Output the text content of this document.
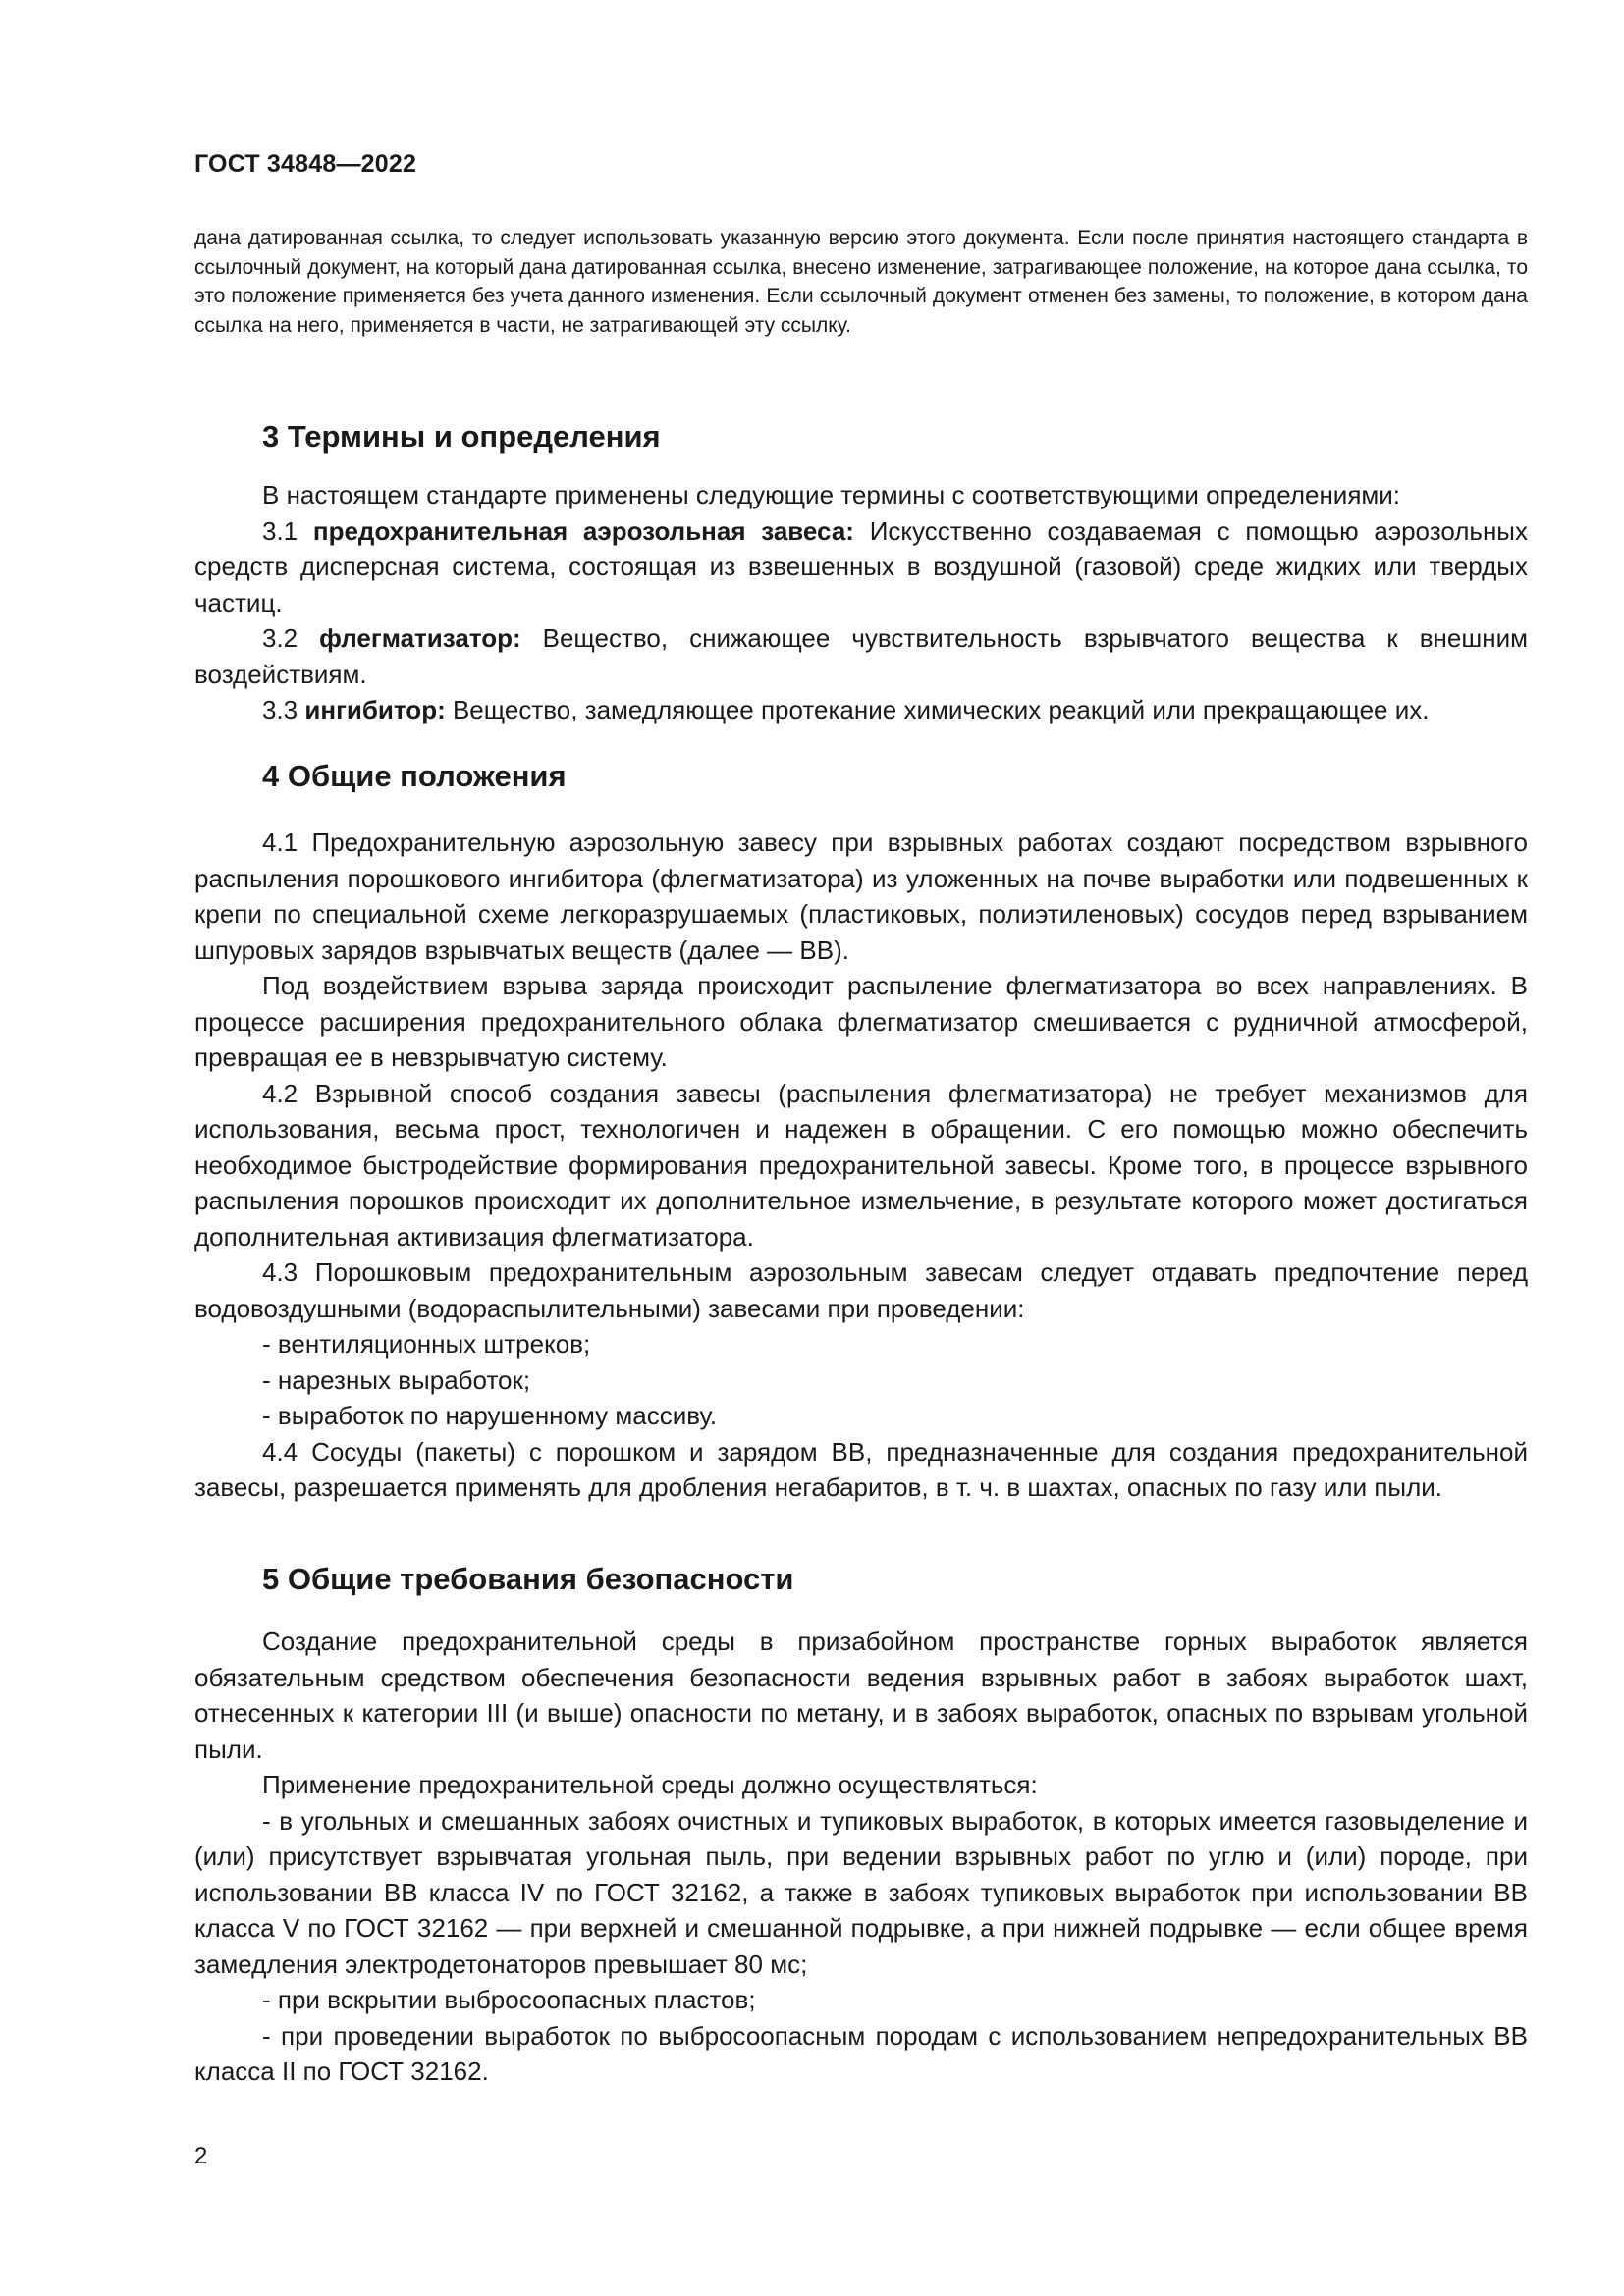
ГОСТ 34848—2022

дана датированная ссылка, то следует использовать указанную версию этого документа. Если после принятия настоящего стандарта в ссылочный документ, на который дана датированная ссылка, внесено изменение, затрагивающее положение, на которое дана ссылка, то это положение применяется без учета данного изменения. Если ссылочный документ отменен без замены, то положение, в котором дана ссылка на него, применяется в части, не затрагивающей эту ссылку.

3 Термины и определения

В настоящем стандарте применены следующие термины с соответствующими определениями:

3.1 предохранительная аэрозольная завеса: Искусственно создаваемая с помощью аэрозольных средств дисперсная система, состоящая из взвешенных в воздушной (газовой) среде жидких или твердых частиц.

3.2 флегматизатор: Вещество, снижающее чувствительность взрывчатого вещества к внешним воздействиям.

3.3 ингибитор: Вещество, замедляющее протекание химических реакций или прекращающее их.

4 Общие положения

4.1 Предохранительную аэрозольную завесу при взрывных работах создают посредством взрывного распыления порошкового ингибитора (флегматизатора) из уложенных на почве выработки или подвешенных к крепи по специальной схеме легкоразрушаемых (пластиковых, полиэтиленовых) сосудов перед взрыванием шпуровых зарядов взрывчатых веществ (далее — ВВ).

Под воздействием взрыва заряда происходит распыление флегматизатора во всех направлениях. В процессе расширения предохранительного облака флегматизатор смешивается с рудничной атмосферой, превращая ее в невзрывчатую систему.

4.2 Взрывной способ создания завесы (распыления флегматизатора) не требует механизмов для использования, весьма прост, технологичен и надежен в обращении. С его помощью можно обеспечить необходимое быстродействие формирования предохранительной завесы. Кроме того, в процессе взрывного распыления порошков происходит их дополнительное измельчение, в результате которого может достигаться дополнительная активизация флегматизатора.

4.3 Порошковым предохранительным аэрозольным завесам следует отдавать предпочтение перед водовоздушными (водораспылительными) завесами при проведении:

- вентиляционных штреков;

- нарезных выработок;

- выработок по нарушенному массиву.

4.4 Сосуды (пакеты) с порошком и зарядом ВВ, предназначенные для создания предохранительной завесы, разрешается применять для дробления негабаритов, в т. ч. в шахтах, опасных по газу или пыли.

5 Общие требования безопасности

Создание предохранительной среды в призабойном пространстве горных выработок является обязательным средством обеспечения безопасности ведения взрывных работ в забоях выработок шахт, отнесенных к категории III (и выше) опасности по метану, и в забоях выработок, опасных по взрывам угольной пыли.

Применение предохранительной среды должно осуществляться:

- в угольных и смешанных забоях очистных и тупиковых выработок, в которых имеется газовыделение и (или) присутствует взрывчатая угольная пыль, при ведении взрывных работ по углю и (или) породе, при использовании ВВ класса IV по ГОСТ 32162, а также в забоях тупиковых выработок при использовании ВВ класса V по ГОСТ 32162 — при верхней и смешанной подрывке, а при нижней подрывке — если общее время замедления электродетонаторов превышает 80 мс;

- при вскрытии выбросоопасных пластов;

- при проведении выработок по выбросоопасным породам с использованием непредохранительных ВВ класса II по ГОСТ 32162.

2
